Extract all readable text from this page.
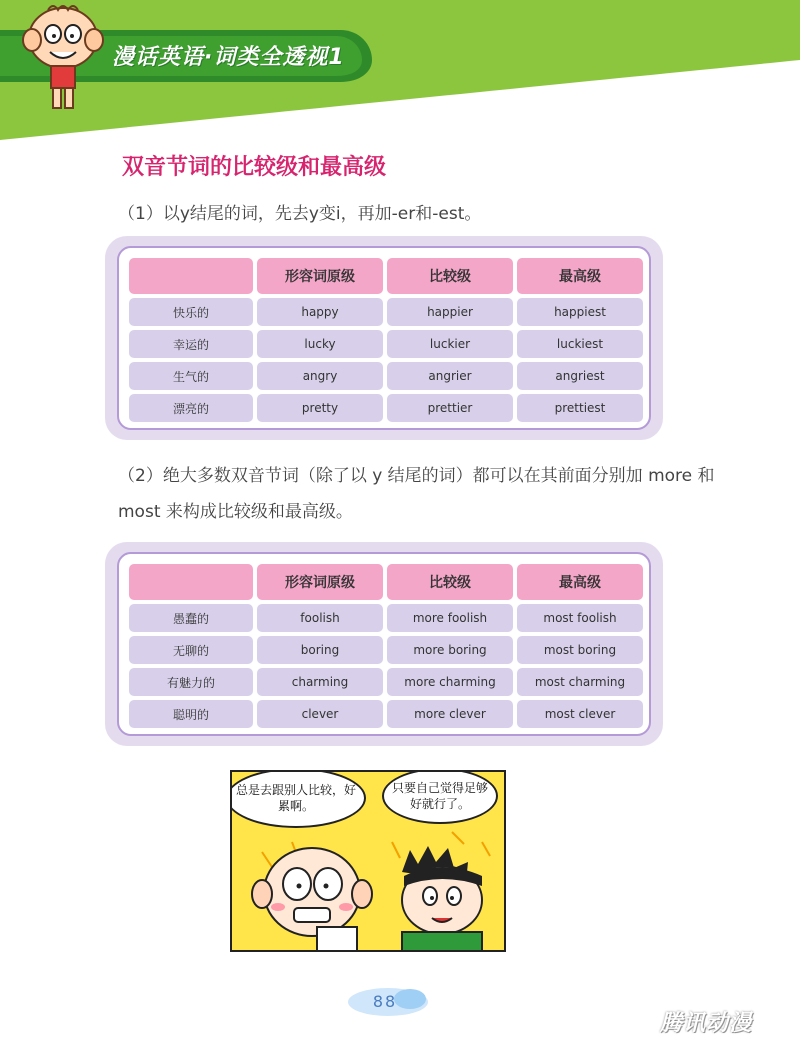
漫话英语·词类全透视1
双音节词的比较级和最高级
（1）以y结尾的词，先去y变i，再加-er和-est。
	形容词原级	比较级	最高级
快乐的	happy	happier	happiest
幸运的	lucky	luckier	luckiest
生气的	angry	angrier	angriest
漂亮的	pretty	prettier	prettiest
（2）绝大多数双音节词（除了以 y 结尾的词）都可以在其前面分别加 more 和 most 来构成比较级和最高级。
	形容词原级	比较级	最高级
愚蠢的	foolish	more foolish	most foolish
无聊的	boring	more boring	most boring
有魅力的	charming	more charming	most charming
聪明的	clever	more clever	most clever
总是去跟别人比较，好累啊。
只要自己觉得足够好就行了。
88
腾讯动漫
